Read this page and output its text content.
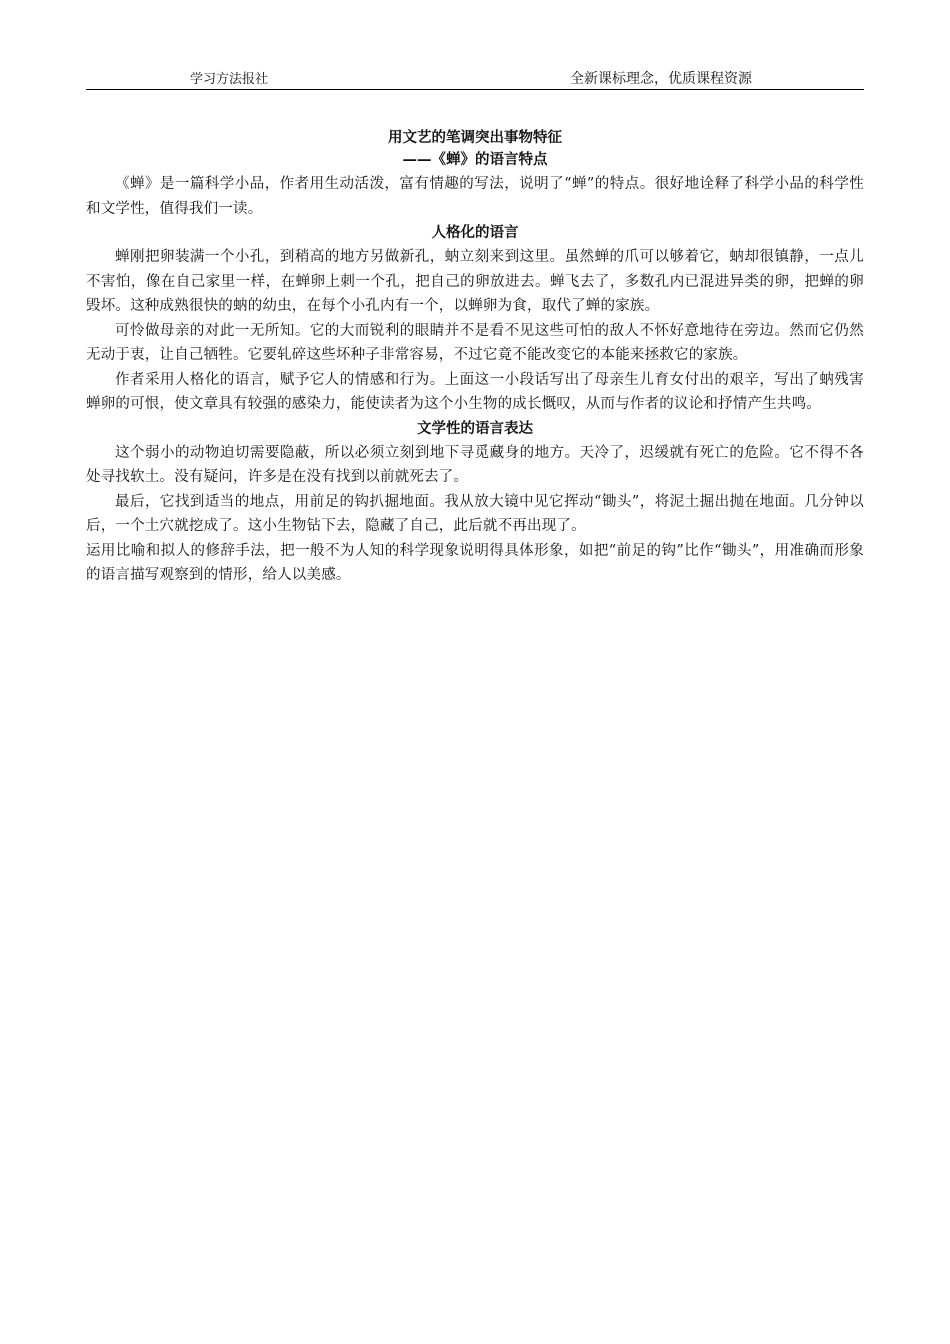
学习方法报社	全新课标理念，优质课程资源
用文艺的笔调突出事物特征
——《蝉》的语言特点

《蝉》是一篇科学小品，作者用生动活泼，富有情趣的写法，说明了“蝉”的特点。很好地诠释了科学小品的科学性和文学性，值得我们一读。

人格化的语言

蝉刚把卵装满一个小孔，到稍高的地方另做新孔，蚋立刻来到这里。虽然蝉的爪可以够着它，蚋却很镇静，一点儿不害怕，像在自己家里一样，在蝉卵上刺一个孔，把自己的卵放进去。蝉飞去了，多数孔内已混进异类的卵，把蝉的卵毁坏。这种成熟很快的蚋的幼虫，在每个小孔内有一个，以蝉卵为食，取代了蝉的家族。

可怜做母亲的对此一无所知。它的大而锐利的眼睛并不是看不见这些可怕的敌人不怀好意地待在旁边。然而它仍然无动于衷，让自己牺牲。它要轧碎这些坏种子非常容易，不过它竟不能改变它的本能来拯救它的家族。

作者采用人格化的语言，赋予它人的情感和行为。上面这一小段话写出了母亲生儿育女付出的艰辛，写出了蚋残害蝉卵的可恨，使文章具有较强的感染力，能使读者为这个小生物的成长慨叹，从而与作者的议论和抒情产生共鸣。

文学性的语言表达

这个弱小的动物迫切需要隐蔽，所以必须立刻到地下寻觅藏身的地方。天冷了，迟缓就有死亡的危险。它不得不各处寻找软土。没有疑问，许多是在没有找到以前就死去了。

最后，它找到适当的地点，用前足的钩扒掘地面。我从放大镜中见它挥动“锄头”，将泥土掘出抛在地面。几分钟以后，一个土穴就挖成了。这小生物钻下去，隐藏了自己，此后就不再出现了。

运用比喻和拟人的修辞手法，把一般不为人知的科学现象说明得具体形象，如把“前足的钩”比作“锄头”，用准确而形象的语言描写观察到的情形，给人以美感。
